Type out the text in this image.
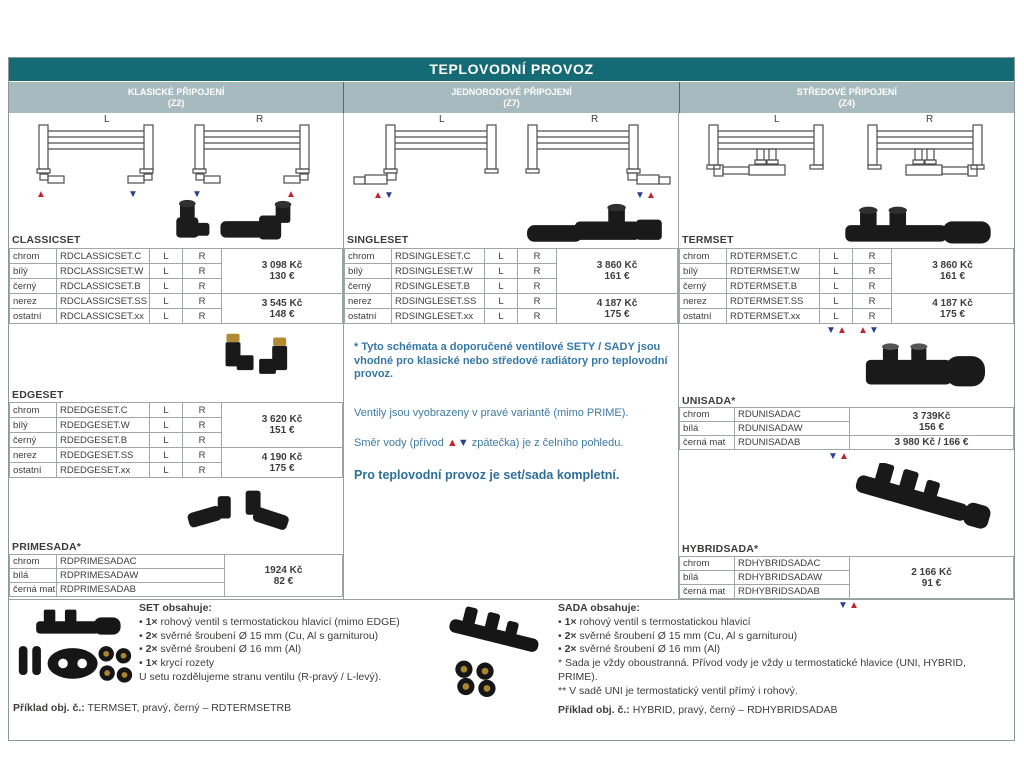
TEPLOVODNÍ PROVOZ
KLASICKÉ PŘIPOJENÍ
(Z2)
JEDNOBODOVÉ PŘIPOJENÍ
(Z7)
STŘEDOVÉ PŘIPOJENÍ
(Z4)
L	R
▲	▼	▼	▲
CLASSICSET
chrom	RDCLASSICSET.C	L	R	3 098 Kč
130 €

bílý	RDCLASSICSET.W	L	R	
černý	RDCLASSICSET.B	L	R	
nerez	RDCLASSICSET.SS	L	R	3 545 Kč
148 €

ostatní	RDCLASSICSET.xx	L	R	
EDGESET
chrom	RDEDGESET.C	L	R	3 620 Kč
151 €

bílý	RDEDGESET.W	L	R	
černý	RDEDGESET.B	L	R	
nerez	RDEDGESET.SS	L	R	4 190 Kč
175 €

ostatní	RDEDGESET.xx	L	R	
PRIMESADA*
chrom	RDPRIMESADAC	1924 Kč
82 €

bílá	RDPRIMESADAW	
černá mat	RDPRIMESADAB	
L	R
▲ ▼	▼ ▲
SINGLESET
chrom	RDSINGLESET.C	L	R	3 860 Kč
161 €

bílý	RDSINGLESET.W	L	R	
černý	RDSINGLESET.B	L	R	
nerez	RDSINGLESET.SS	L	R	4 187 Kč
175 €

ostatní	RDSINGLESET.xx	L	R	
* Tyto schémata a doporučené ventilové SETY / SADY jsou vhodné pro klasické nebo středové radiátory pro teplovodní provoz.
Ventily jsou vyobrazeny v pravé variantě (mimo PRIME).
Směr vody (přívod ▲▼ zpátečka) je z čelního pohledu.
Pro teplovodní provoz je set/sada kompletní.
L	R
TERMSET
chrom	RDTERMSET.C	L	R	3 860 Kč
161 €

bílý	RDTERMSET.W	L	R	
černý	RDTERMSET.B	L	R	
nerez	RDTERMSET.SS	L	R	4 187 Kč
175 €

ostatní	RDTERMSET.xx	L	R	
▼ ▲ ▲ ▼
UNISADA*
chrom	RDUNISADAC	3 739Kč
156 €

bílá	RDUNISADAW	
černá mat	RDUNISADAB	3 980 Kč / 166 €
▼ ▲
HYBRIDSADA*
chrom	RDHYBRIDSADAC	2 166 Kč
91 €

bílá	RDHYBRIDSADAW	
černá mat	RDHYBRIDSADAB	
▼ ▲
SET obsahuje:
• 1× rohový ventil s termostatickou hlavicí (mimo EDGE)
• 2× svěrné šroubení Ø 15 mm (Cu, Al s garniturou)
• 2× svěrné šroubení Ø 16 mm (Al)
• 1× krycí rozety
U setu rozdělujeme stranu ventilu (R-pravý / L-levý).
Příklad obj. č.: TERMSET, pravý, černý – RDTERMSETRB
SADA obsahuje:
• 1× rohový ventil s termostatickou hlavicí
• 2× svěrné šroubení Ø 15 mm (Cu, Al s garniturou)
• 2× svěrné šroubení Ø 16 mm (Al)
* Sada je vždy oboustranná. Přívod vody je vždy u termostatické hlavice (UNI, HYBRID, PRIME).
** V sadě UNI je termostatický ventil přímý i rohový.
Příklad obj. č.: HYBRID, pravý, černý – RDHYBRIDSADAB
